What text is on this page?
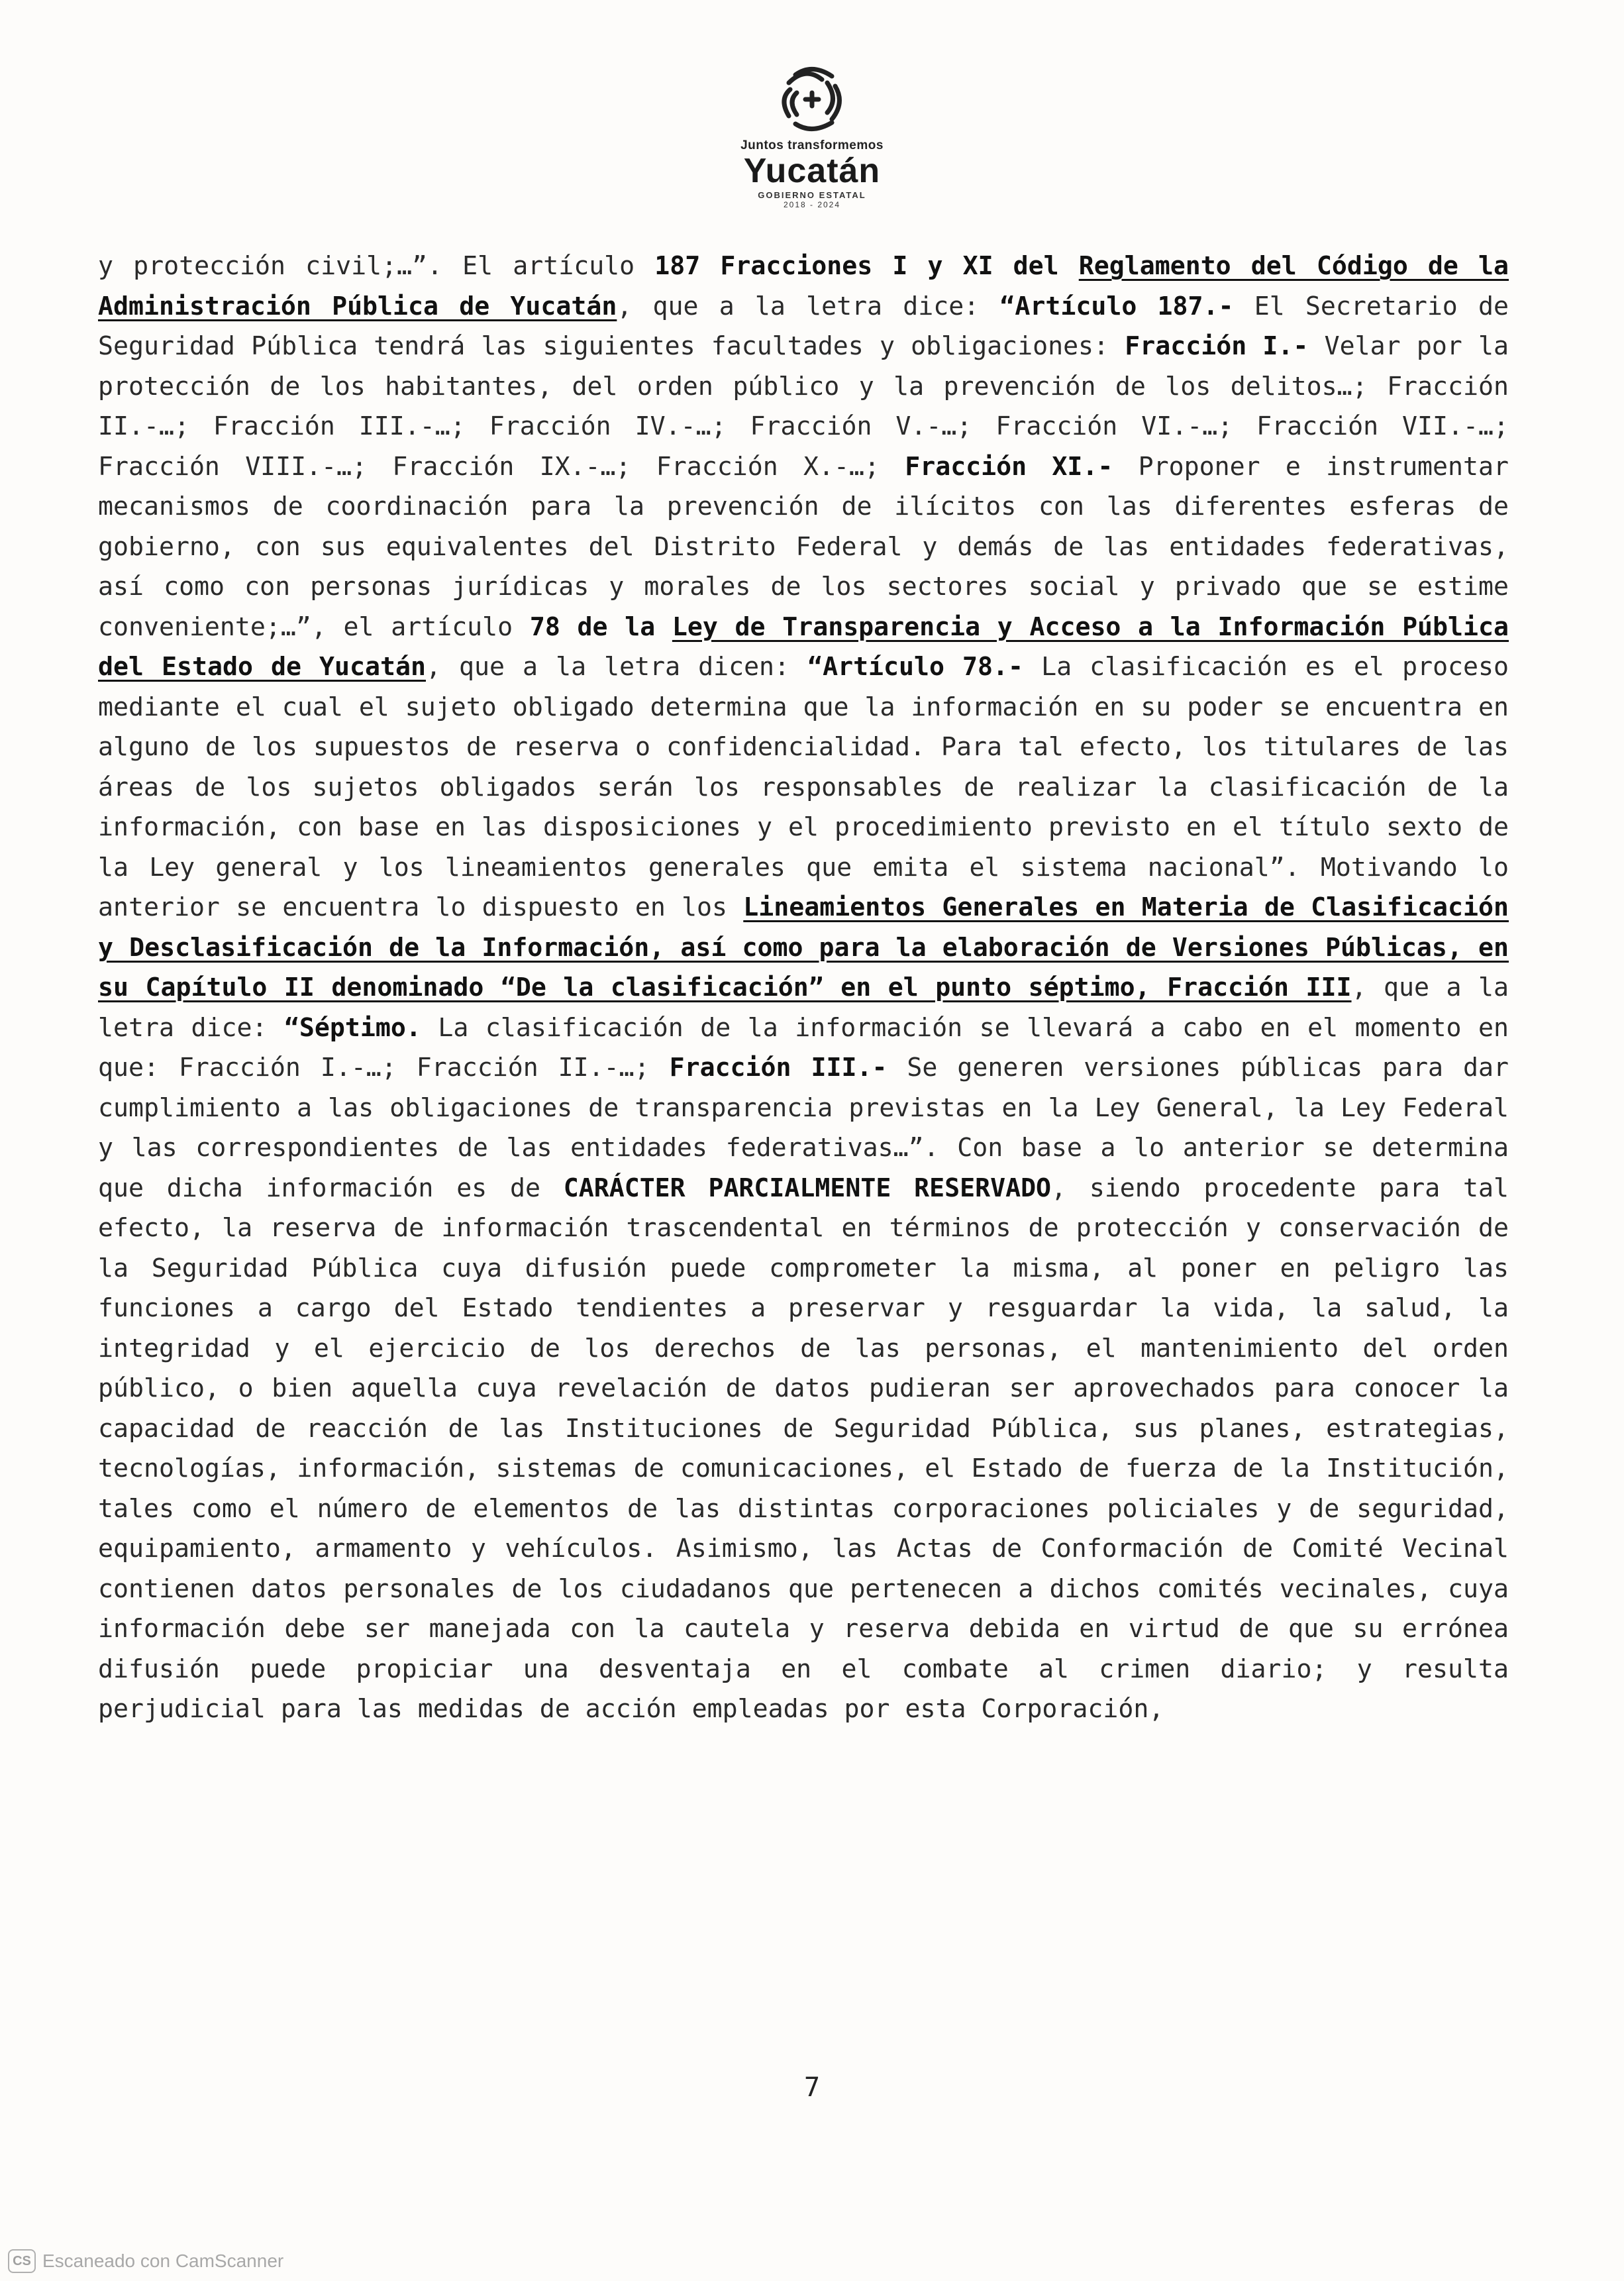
Juntos transformemos
Yucatán
GOBIERNO ESTATAL
2018 - 2024

y protección civil;…”. El artículo 187 Fracciones I y XI del Reglamento del Código de la Administración Pública de Yucatán, que a la letra dice: “Artículo 187.- El Secretario de Seguridad Pública tendrá las siguientes facultades y obligaciones: Fracción I.- Velar por la protección de los habitantes, del orden público y la prevención de los delitos…; Fracción II.-…; Fracción III.-…; Fracción IV.-…; Fracción V.-…; Fracción VI.-…; Fracción VII.-…; Fracción VIII.-…; Fracción IX.-…; Fracción X.-…; Fracción XI.- Proponer e instrumentar mecanismos de coordinación para la prevención de ilícitos con las diferentes esferas de gobierno, con sus equivalentes del Distrito Federal y demás de las entidades federativas, así como con personas jurídicas y morales de los sectores social y privado que se estime conveniente;…”, el artículo 78 de la Ley de Transparencia y Acceso a la Información Pública del Estado de Yucatán, que a la letra dicen: “Artículo 78.- La clasificación es el proceso mediante el cual el sujeto obligado determina que la información en su poder se encuentra en alguno de los supuestos de reserva o confidencialidad. Para tal efecto, los titulares de las áreas de los sujetos obligados serán los responsables de realizar la clasificación de la información, con base en las disposiciones y el procedimiento previsto en el título sexto de la Ley general y los lineamientos generales que emita el sistema nacional”. Motivando lo anterior se encuentra lo dispuesto en los Lineamientos Generales en Materia de Clasificación y Desclasificación de la Información, así como para la elaboración de Versiones Públicas, en su Capítulo II denominado “De la clasificación” en el punto séptimo, Fracción III, que a la letra dice: “Séptimo. La clasificación de la información se llevará a cabo en el momento en que: Fracción I.-…; Fracción II.-…; Fracción III.- Se generen versiones públicas para dar cumplimiento a las obligaciones de transparencia previstas en la Ley General, la Ley Federal y las correspondientes de las entidades federativas…”. Con base a lo anterior se determina que dicha información es de CARÁCTER PARCIALMENTE RESERVADO, siendo procedente para tal efecto, la reserva de información trascendental en términos de protección y conservación de la Seguridad Pública cuya difusión puede comprometer la misma, al poner en peligro las funciones a cargo del Estado tendientes a preservar y resguardar la vida, la salud, la integridad y el ejercicio de los derechos de las personas, el mantenimiento del orden público, o bien aquella cuya revelación de datos pudieran ser aprovechados para conocer la capacidad de reacción de las Instituciones de Seguridad Pública, sus planes, estrategias, tecnologías, información, sistemas de comunicaciones, el Estado de fuerza de la Institución, tales como el número de elementos de las distintas corporaciones policiales y de seguridad, equipamiento, armamento y vehículos. Asimismo, las Actas de Conformación de Comité Vecinal contienen datos personales de los ciudadanos que pertenecen a dichos comités vecinales, cuya información debe ser manejada con la cautela y reserva debida en virtud de que su errónea difusión puede propiciar una desventaja en el combate al crimen diario; y resulta perjudicial para las medidas de acción empleadas por esta Corporación,

7
CS Escaneado con CamScanner
